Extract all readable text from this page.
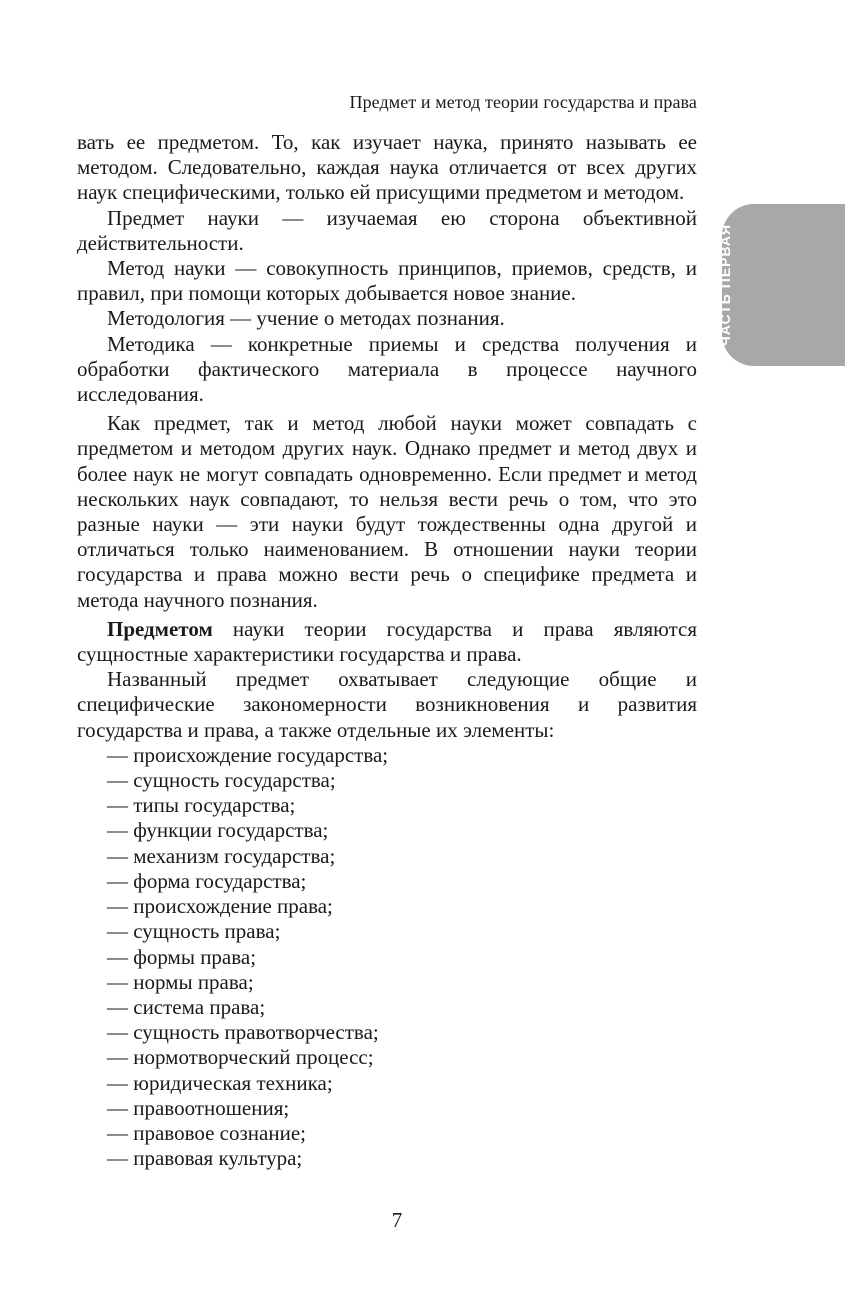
Предмет и метод теории государства и права
ЧАСТЬ ПЕРВАЯ

вать ее предметом. То, как изучает наука, принято называть ее методом. Следовательно, каждая наука отличается от всех других наук специфическими, только ей присущими предметом и методом.

Предмет науки — изучаемая ею сторона объективной действительности.

Метод науки — совокупность принципов, приемов, средств, и правил, при помощи которых добывается новое знание.

Методология — учение о методах познания.

Методика — конкретные приемы и средства получения и обработки фактического материала в процессе научного исследования.

Как предмет, так и метод любой науки может совпадать с предметом и методом других наук. Однако предмет и метод двух и более наук не могут совпадать одновременно. Если предмет и метод нескольких наук совпадают, то нельзя вести речь о том, что это разные науки — эти науки будут тождественны одна другой и отличаться только наименованием. В отношении науки теории государства и права можно вести речь о специфике предмета и метода научного познания.

Предметом науки теории государства и права являются сущностные характеристики государства и права.

Названный предмет охватывает следующие общие и специфические закономерности возникновения и развития государства и права, а также отдельные их элементы:

— происхождение государства;
— сущность государства;
— типы государства;
— функции государства;
— механизм государства;
— форма государства;
— происхождение права;
— сущность права;
— формы права;
— нормы права;
— система права;
— сущность правотворчества;
— нормотворческий процесс;
— юридическая техника;
— правоотношения;
— правовое сознание;
— правовая культура;
7
